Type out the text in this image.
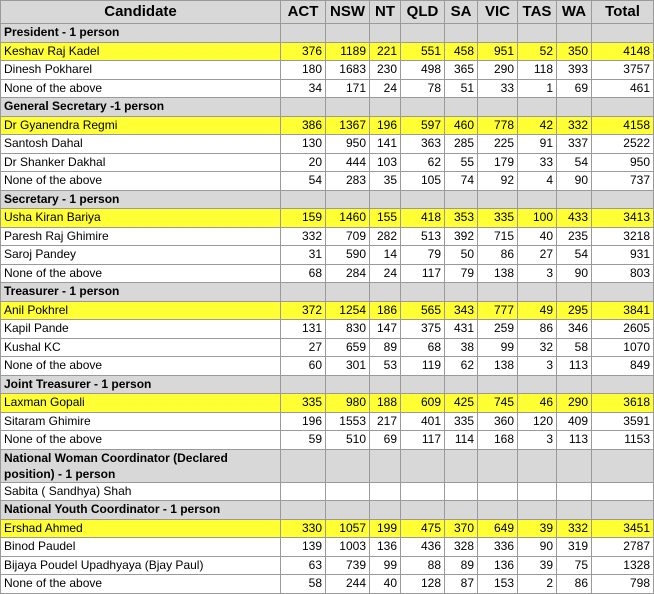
Candidate	ACT	NSW	NT	QLD	SA	VIC	TAS	WA	Total
President - 1 person									
Keshav Raj Kadel	376	1189	221	551	458	951	52	350	4148
Dinesh Pokharel	180	1683	230	498	365	290	118	393	3757
None of the above	34	171	24	78	51	33	1	69	461
General Secretary -1 person									
Dr Gyanendra Regmi	386	1367	196	597	460	778	42	332	4158
Santosh Dahal	130	950	141	363	285	225	91	337	2522
Dr Shanker Dakhal	20	444	103	62	55	179	33	54	950
None of the above	54	283	35	105	74	92	4	90	737
Secretary - 1 person									
Usha Kiran Bariya	159	1460	155	418	353	335	100	433	3413
Paresh Raj Ghimire	332	709	282	513	392	715	40	235	3218
Saroj Pandey	31	590	14	79	50	86	27	54	931
None of the above	68	284	24	117	79	138	3	90	803
Treasurer - 1 person									
Anil Pokhrel	372	1254	186	565	343	777	49	295	3841
Kapil Pande	131	830	147	375	431	259	86	346	2605
Kushal KC	27	659	89	68	38	99	32	58	1070
None of the above	60	301	53	119	62	138	3	113	849
Joint Treasurer - 1 person									
Laxman Gopali	335	980	188	609	425	745	46	290	3618
Sitaram Ghimire	196	1553	217	401	335	360	120	409	3591
None of the above	59	510	69	117	114	168	3	113	1153
National Woman Coordinator (Declared position) - 1 person									
Sabita ( Sandhya) Shah									
National Youth Coordinator - 1 person									
Ershad Ahmed	330	1057	199	475	370	649	39	332	3451
Binod Paudel	139	1003	136	436	328	336	90	319	2787
Bijaya Poudel Upadhyaya (Bjay Paul)	63	739	99	88	89	136	39	75	1328
None of the above	58	244	40	128	87	153	2	86	798
